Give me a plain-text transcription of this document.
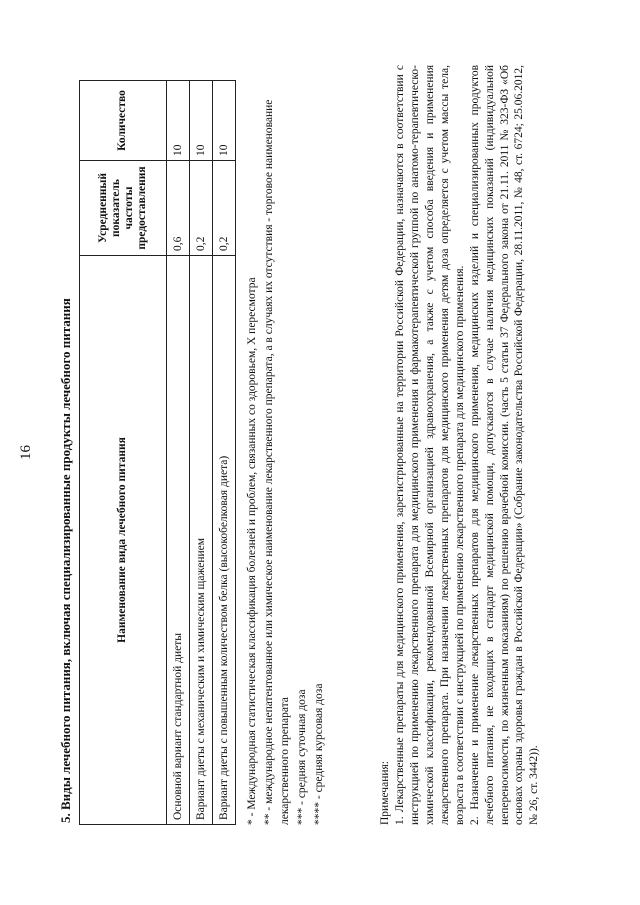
16 5. Виды лечебного питания, включая специализированные продукты лечебного питания	Наименование вида лечебного питания	Усредненный показатель частоты предоставления	Количество
Основной вариант стандартной диеты	0,6	10
Вариант диеты с механическим и химическим щажением	0,2	10
Вариант диеты с повышенным количеством белка (высокобелковая диета)	0,2	10

* - Международная статистическая классификация болезней и проблем, связанных со здоровьем, X пересмотра ** - международное непатентованное или химическое наименование лекарственного препарата, а в случаях их отсутствия - торговое наименование лекарственного препарата *** - средняя суточная доза **** - средняя курсовая доза	Примечания: 1. Лекарственные препараты для медицинского применения, зарегистрированные на территории Российской Федерации, назначаются в соответствии с инструкцией по применению лекарственного препарата для медицинского применения и фармакотерапевтической группой по анатомо-терапевтическо-химической классификации, рекомендованной Всемирной организацией здравоохранения, а также с учетом способа введения и применения лекарственного препарата. При назначении лекарственных препаратов для медицинского применения детям доза определяется с учетом массы тела, возраста в соответствии с инструкцией по применению лекарственного препарата для медицинского применения. 2. Назначение и применение лекарственных препаратов для медицинского применения, медицинских изделий и специализированных продуктов лечебного питания, не входящих в стандарт медицинской помощи, допускаются в случае наличия медицинских показаний (индивидуальной непереносимости, по жизненным показаниям) по решению врачебной комиссии. (часть 5 статьи 37 Федерального закона от 21.11. 2011 № 323-ФЗ «Об основах охраны здоровья граждан в Российской Федерации» (Собрание законодательства Российской Федерации, 28.11.2011, № 48, ст. 6724; 25.06.2012, № 26, ст. 3442)).
